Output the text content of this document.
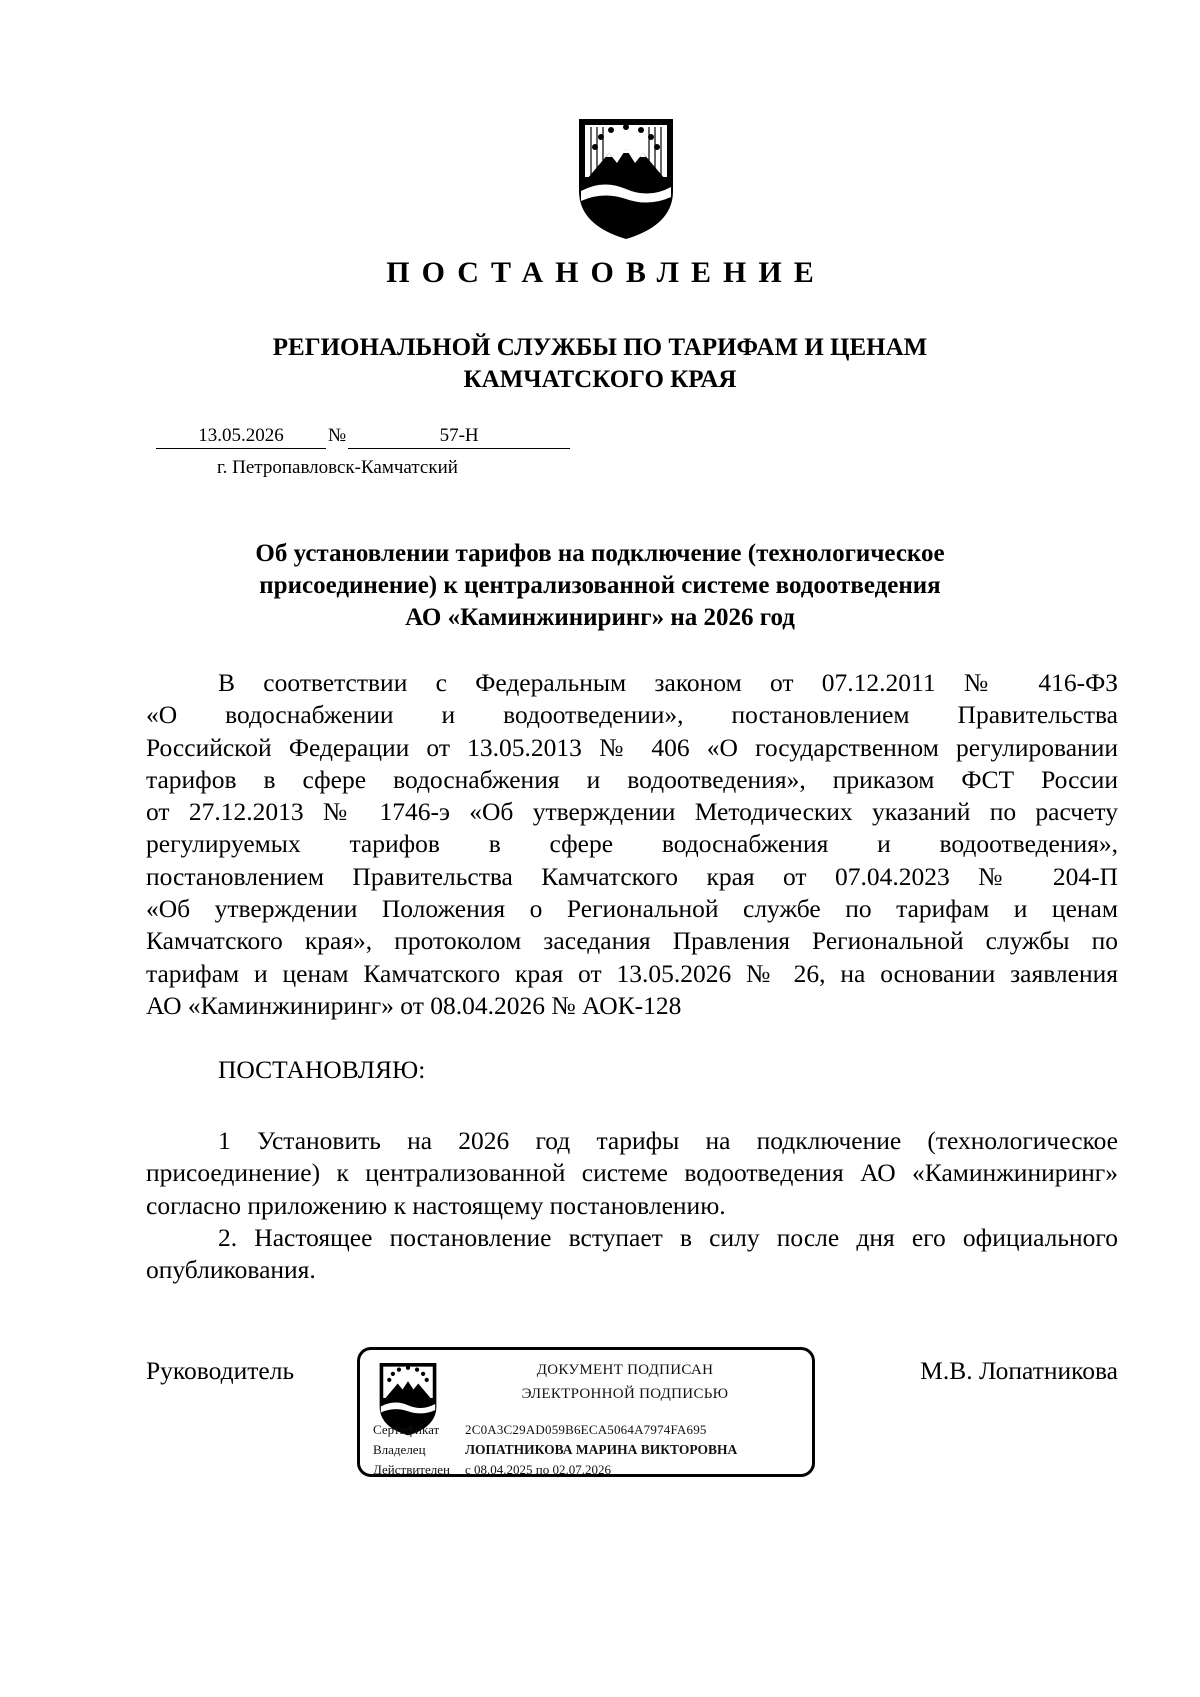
ПОСТАНОВЛЕНИЕ
РЕГИОНАЛЬНОЙ СЛУЖБЫ ПО ТАРИФАМ И ЦЕНАМ
КАМЧАТСКОГО КРАЯ
13.05.2026 №	57-Н
г. Петропавловск-Камчатский
Об установлении тарифов на подключение (технологическое
присоединение) к централизованной системе водоотведения
АО «Каминжиниринг» на 2026 год
В соответствии с Федеральным законом от 07.12.2011 № 416-ФЗ
«О водоснабжении и водоотведении», постановлением Правительства
Российской Федерации от 13.05.2013 № 406 «О государственном регулировании
тарифов в сфере водоснабжения и водоотведения», приказом ФСТ России
от 27.12.2013 № 1746-э «Об утверждении Методических указаний по расчету
регулируемых тарифов в сфере водоснабжения и водоотведения»,
постановлением Правительства Камчатского края от 07.04.2023 № 204-П
«Об утверждении Положения о Региональной службе по тарифам и ценам
Камчатского края», протоколом заседания Правления Региональной службы по
тарифам и ценам Камчатского края от 13.05.2026 № 26, на основании заявления
АО «Каминжиниринг» от 08.04.2026 № АОК-128
ПОСТАНОВЛЯЮ:

1 Установить на 2026 год тарифы на подключение (технологическое присоединение) к централизованной системе водоотведения АО «Каминжиниринг» согласно приложению к настоящему постановлению.

2. Настоящее постановление вступает в силу после дня его официального опубликования.

Руководитель	М.В. Лопатникова
ДОКУМЕНТ ПОДПИСАН
ЭЛЕКТРОННОЙ ПОДПИСЬЮ
Сертификат 2C0A3C29AD059B6ECA5064A7974FA695
Владелец	ЛОПАТНИКОВА МАРИНА ВИКТОРОВНА
Действителен с 08.04.2025 по 02.07.2026
